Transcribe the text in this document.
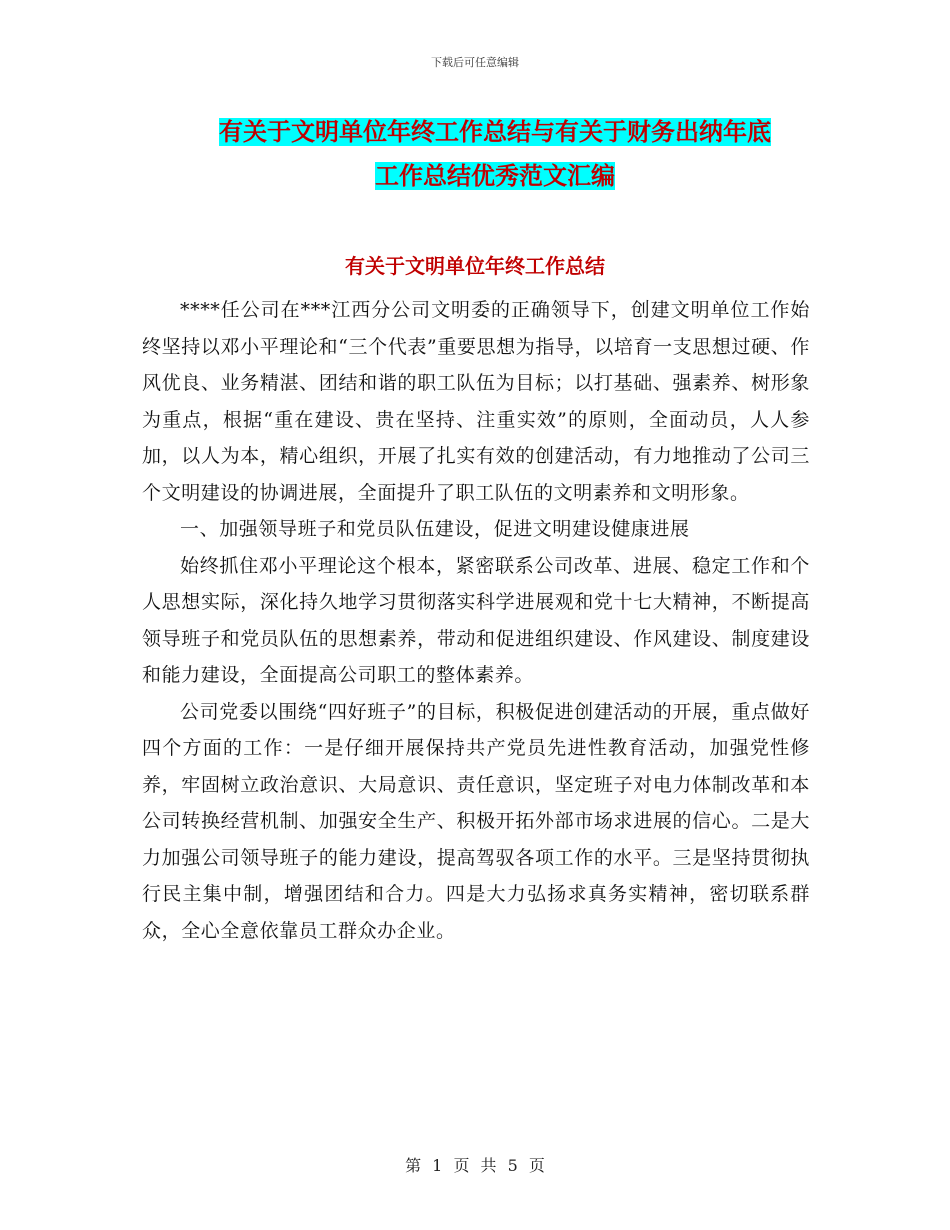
下载后可任意编辑
有关于文明单位年终工作总结与有关于财务出纳年底
工作总结优秀范文汇编
有关于文明单位年终工作总结

****任公司在***江西分公司文明委的正确领导下，创建文明单位工作始终坚持以邓小平理论和“三个代表”重要思想为指导，以培育一支思想过硬、作风优良、业务精湛、团结和谐的职工队伍为目标；以打基础、强素养、树形象为重点，根据“重在建设、贵在坚持、注重实效”的原则，全面动员，人人参加，以人为本，精心组织，开展了扎实有效的创建活动，有力地推动了公司三个文明建设的协调进展，全面提升了职工队伍的文明素养和文明形象。

一、加强领导班子和党员队伍建设，促进文明建设健康进展

始终抓住邓小平理论这个根本，紧密联系公司改革、进展、稳定工作和个人思想实际，深化持久地学习贯彻落实科学进展观和党十七大精神，不断提高领导班子和党员队伍的思想素养，带动和促进组织建设、作风建设、制度建设和能力建设，全面提高公司职工的整体素养。

公司党委以围绕“四好班子”的目标，积极促进创建活动的开展，重点做好四个方面的工作：一是仔细开展保持共产党员先进性教育活动，加强党性修养，牢固树立政治意识、大局意识、责任意识，坚定班子对电力体制改革和本公司转换经营机制、加强安全生产、积极开拓外部市场求进展的信心。二是大力加强公司领导班子的能力建设，提高驾驭各项工作的水平。三是坚持贯彻执行民主集中制，增强团结和合力。四是大力弘扬求真务实精神，密切联系群众，全心全意依靠员工群众办企业。

第 1 页 共 5 页
